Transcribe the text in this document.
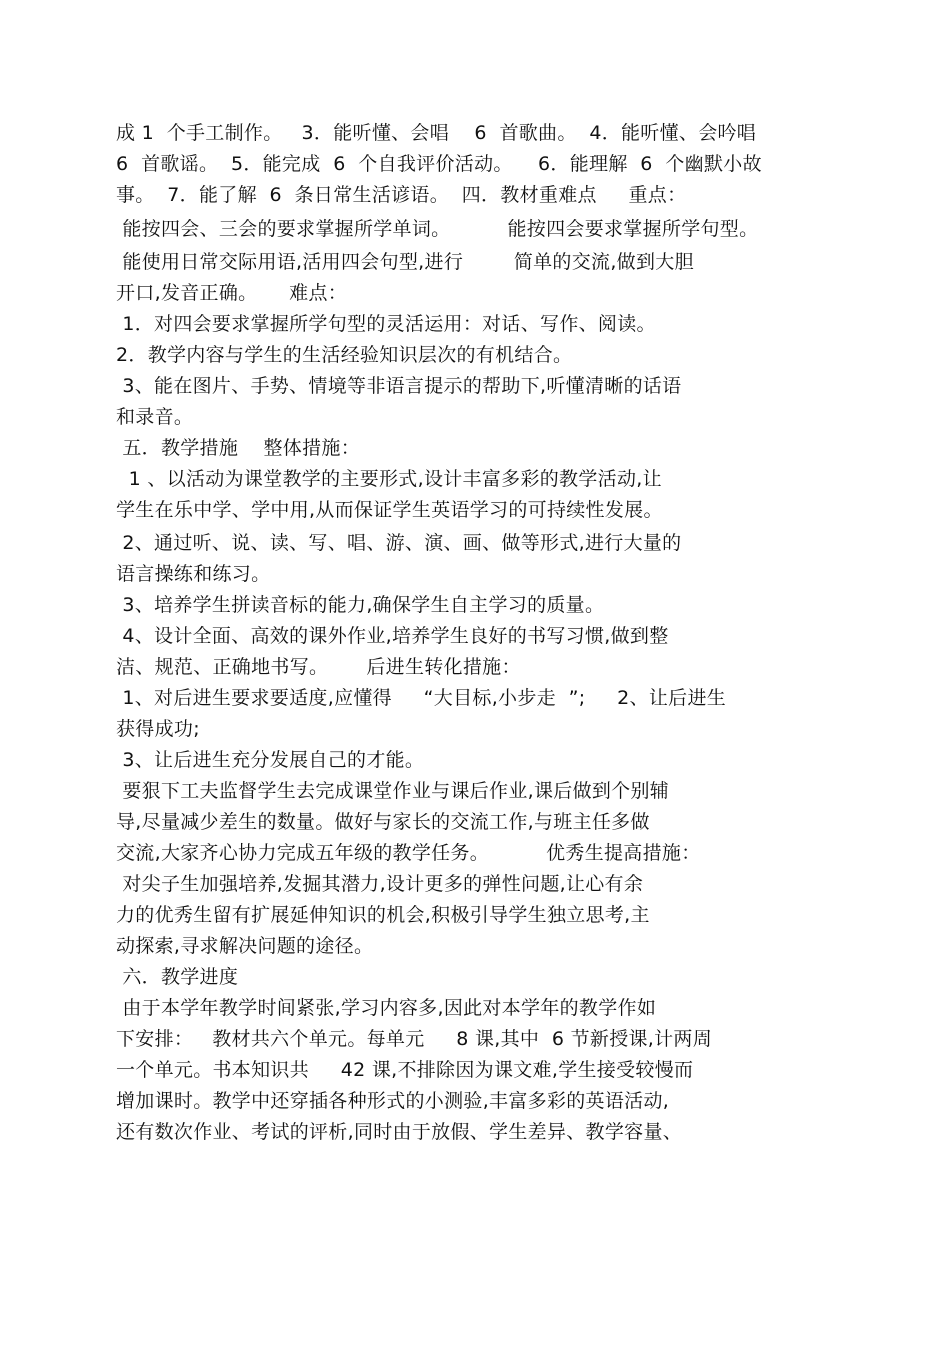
成 1  个手工制作。   3．能听懂、会唱    6  首歌曲。  4．能听懂、会吟唱
6  首歌谣。  5．能完成  6  个自我评价活动。    6．能理解  6  个幽默小故
事。  7．能了解  6  条日常生活谚语。  四．教材重难点     重点：
能按四会、三会的要求掌握所学单词。         能按四会要求掌握所学句型。
能使用日常交际用语,活用四会句型,进行        简单的交流,做到大胆
开口,发音正确。     难点：
1．对四会要求掌握所学句型的灵活运用：对话、写作、阅读。
2．教学内容与学生的生活经验知识层次的有机结合。
3、能在图片、手势、情境等非语言提示的帮助下,听懂清晰的话语
和录音。
五．教学措施    整体措施：
1 、以活动为课堂教学的主要形式,设计丰富多彩的教学活动,让
学生在乐中学、学中用,从而保证学生英语学习的可持续性发展。
2、通过听、说、读、写、唱、游、演、画、做等形式,进行大量的
语言操练和练习。
3、培养学生拼读音标的能力,确保学生自主学习的质量。
4、设计全面、高效的课外作业,培养学生良好的书写习惯,做到整
洁、规范、正确地书写。      后进生转化措施：
1、对后进生要求要适度,应懂得     “大目标,小步走  ”;     2、让后进生
获得成功;
3、让后进生充分发展自己的才能。
要狠下工夫监督学生去完成课堂作业与课后作业,课后做到个别辅
导,尽量减少差生的数量。做好与家长的交流工作,与班主任多做
交流,大家齐心协力完成五年级的教学任务。         优秀生提高措施：
对尖子生加强培养,发掘其潜力,设计更多的弹性问题,让心有余
力的优秀生留有扩展延伸知识的机会,积极引导学生独立思考,主
动探索,寻求解决问题的途径。
六．教学进度
由于本学年教学时间紧张,学习内容多,因此对本学年的教学作如
下安排：   教材共六个单元。每单元     8 课,其中  6 节新授课,计两周
一个单元。书本知识共     42 课,不排除因为课文难,学生接受较慢而
增加课时。教学中还穿插各种形式的小测验,丰富多彩的英语活动,
还有数次作业、考试的评析,同时由于放假、学生差异、教学容量、
